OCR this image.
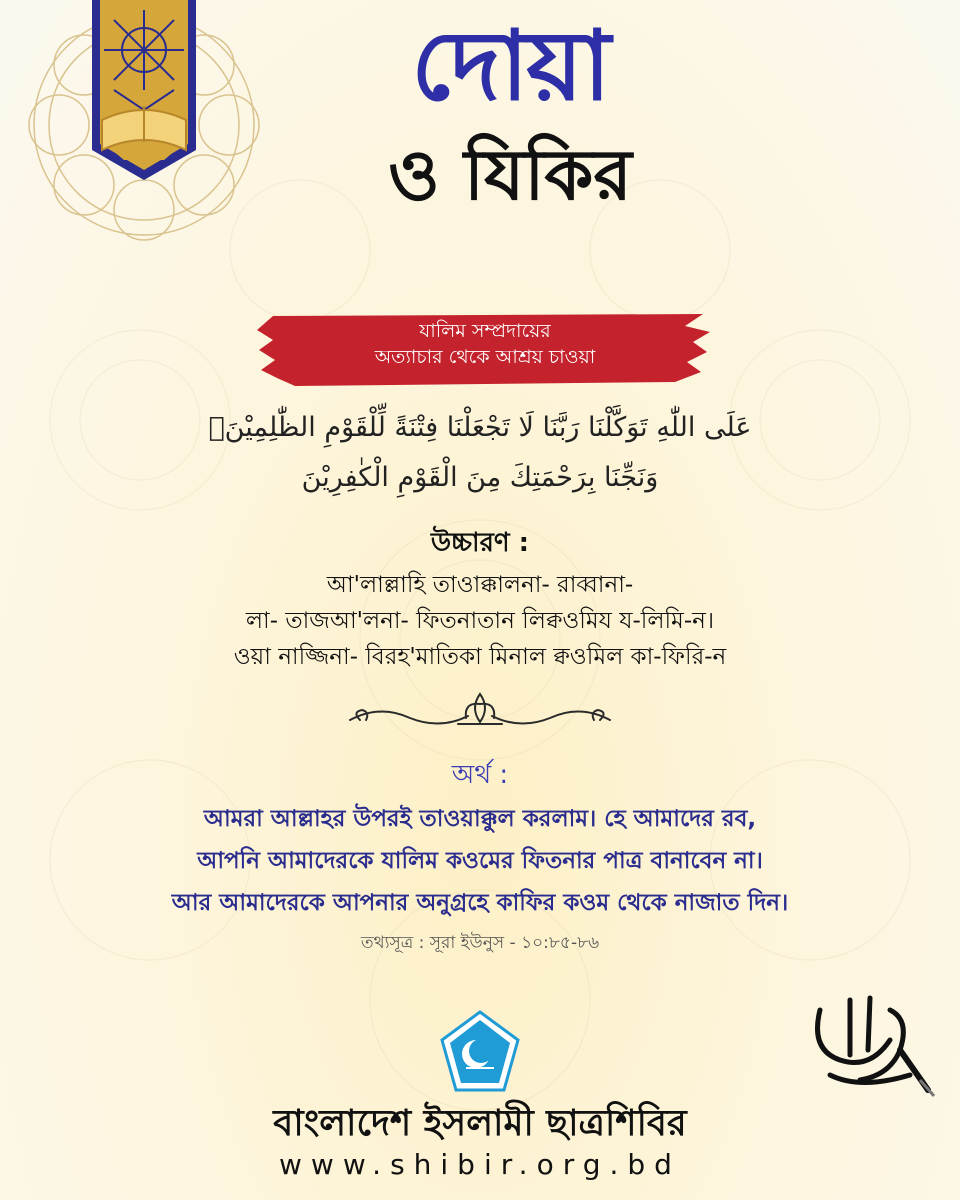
দোয়া
ও যিকির
যালিম সম্প্রদায়ের
অত্যাচার থেকে আশ্রয় চাওয়া
عَلَى اللّٰهِ تَوَكَّلْنَا رَبَّنَا لَا تَجْعَلْنَا فِتْنَةً لِّلْقَوْمِ الظّٰلِمِيْنَۙ
وَنَجِّنَا بِرَحْمَتِكَ مِنَ الْقَوْمِ الْكٰفِرِيْنَ
উচ্চারণ :
আ'লাল্লাহি তাওাক্কালনা- রাব্বানা-
লা- তাজআ'লনা- ফিতনাতান লিক্বওমিয য-লিমি-ন।
ওয়া নাজ্জিনা- বিরহ'মাতিকা মিনাল ক্বওমিল কা-ফিরি-ন
অর্থ :
আমরা আল্লাহর উপরই তাওয়াক্কুল করলাম। হে আমাদের রব,
আপনি আমাদেরকে যালিম কওমের ফিতনার পাত্র বানাবেন না।
আর আমাদেরকে আপনার অনুগ্রহে কাফির কওম থেকে নাজাত দিন।
তথ্যসূত্র : সূরা ইউনুস - ১০:৮৫-৮৬
বাংলাদেশ ইসলামী ছাত্রশিবির
www.shibir.org.bd
